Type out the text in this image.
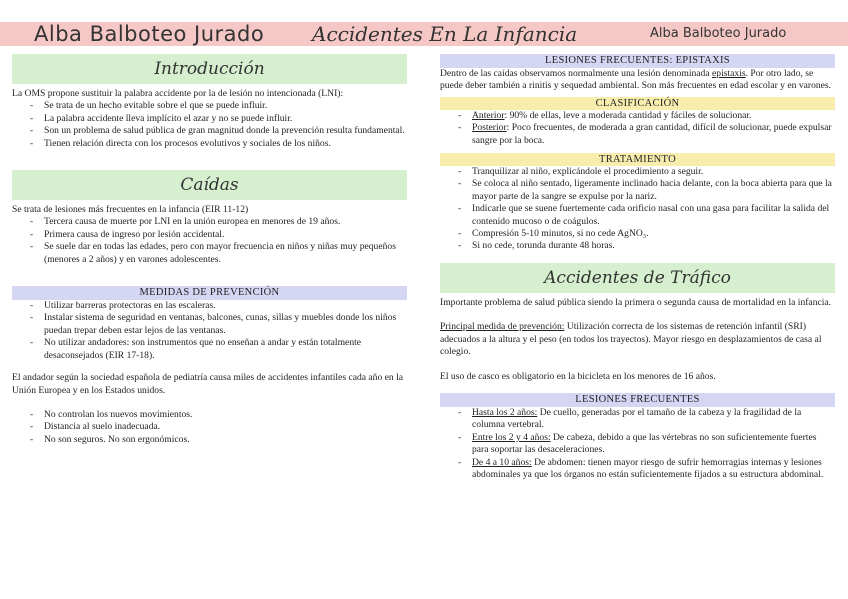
Alba Balboteo Jurado Accidentes En La Infancia	Alba Balboteo Jurado
Introducción

La OMS propone sustituir la palabra accidente por la de lesión no intencionada (LNI):

- Se trata de un hecho evitable sobre el que se puede influir.
- La palabra accidente lleva implícito el azar y no se puede influir.
- Son un problema de salud pública de gran magnitud donde la prevención resulta fundamental.
- Tienen relación directa con los procesos evolutivos y sociales de los niños.
Caídas

Se trata de lesiones más frecuentes en la infancia (EIR 11-12)

- Tercera causa de muerte por LNI en la unión europea en menores de 19 años.
- Primera causa de ingreso por lesión accidental.
- Se suele dar en todas las edades, pero con mayor frecuencia en niños y niñas muy pequeños (menores a 2 años) y en varones adolescentes.
MEDIDAS DE PREVENCIÓN
- Utilizar barreras protectoras en las escaleras.
- Instalar sistema de seguridad en ventanas, balcones, cunas, sillas y muebles donde los niños puedan trepar deben estar lejos de las ventanas.
- No utilizar andadores: son instrumentos que no enseñan a andar y están totalmente desaconsejados (EIR 17-18).

El andador según la sociedad española de pediatría causa miles de accidentes infantiles cada año en la Unión Europea y en los Estados unidos.

- No controlan los nuevos movimientos.
- Distancia al suelo inadecuada.
- No son seguros. No son ergonómicos.
LESIONES FRECUENTES: EPISTAXIS

Dentro de las caídas observamos normalmente una lesión denominada epistaxis. Por otro lado, se puede deber también a rinitis y sequedad ambiental. Son más frecuentes en edad escolar y en varones.

CLASIFICACIÓN
- Anterior: 90% de ellas, leve a moderada cantidad y fáciles de solucionar.
- Posterior: Poco frecuentes, de moderada a gran cantidad, difícil de solucionar, puede expulsar sangre por la boca.
TRATAMIENTO
- Tranquilizar al niño, explicándole el procedimiento a seguir.
- Se coloca al niño sentado, ligeramente inclinado hacia delante, con la boca abierta para que la mayor parte de la sangre se expulse por la nariz.
- Indicarle que se suene fuertemente cada orificio nasal con una gasa para facilitar la salida del contenido mucoso o de coágulos.
- Compresión 5-10 minutos, si no cede AgNO₃.
- Si no cede, torunda durante 48 horas.
Accidentes de Tráfico

Importante problema de salud pública siendo la primera o segunda causa de mortalidad en la infancia.

Principal medida de prevención: Utilización correcta de los sistemas de retención infantil (SRI) adecuados a la altura y el peso (en todos los trayectos). Mayor riesgo en desplazamientos de casa al colegio.

El uso de casco es obligatorio en la bicicleta en los menores de 16 años.

LESIONES FRECUENTES
- Hasta los 2 años: De cuello, generadas por el tamaño de la cabeza y la fragilidad de la columna vertebral.
- Entre los 2 y 4 años: De cabeza, debido a que las vértebras no son suficientemente fuertes para soportar las desaceleraciones.
- De 4 a 10 años: De abdomen: tienen mayor riesgo de sufrir hemorragias internas y lesiones abdominales ya que los órganos no están suficientemente fijados a su estructura abdominal.
